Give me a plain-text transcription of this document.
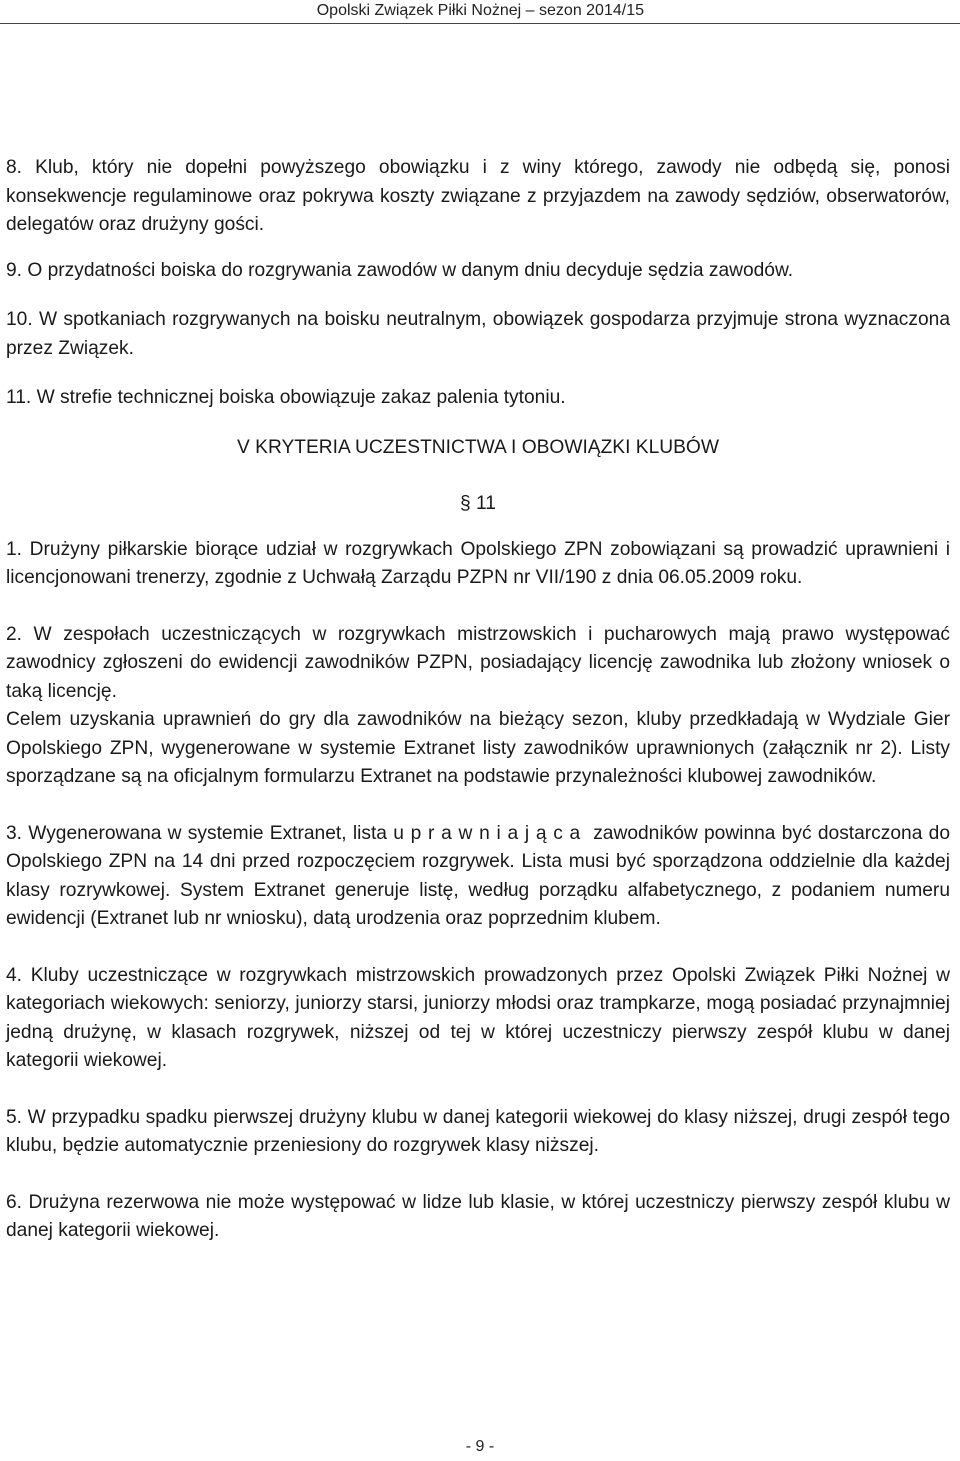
Opolski Związek Piłki Nożnej – sezon 2014/15

8. Klub, który nie dopełni powyższego obowiązku i z winy którego, zawody nie odbędą się, ponosi konsekwencje regulaminowe oraz pokrywa koszty związane z przyjazdem na zawody sędziów, obserwatorów, delegatów oraz drużyny gości.

9. O przydatności boiska do rozgrywania zawodów w danym dniu decyduje sędzia zawodów.

10. W spotkaniach rozgrywanych na boisku neutralnym, obowiązek gospodarza przyjmuje strona wyznaczona przez Związek.

11. W strefie technicznej boiska obowiązuje zakaz palenia tytoniu.

V KRYTERIA UCZESTNICTWA I OBOWIĄZKI KLUBÓW
§ 11

1. Drużyny piłkarskie biorące udział w rozgrywkach Opolskiego ZPN zobowiązani są prowadzić uprawnieni i licencjonowani trenerzy, zgodnie z Uchwałą Zarządu PZPN nr VII/190 z dnia 06.05.2009 roku.

2. W zespołach uczestniczących w rozgrywkach mistrzowskich i pucharowych mają prawo występować zawodnicy zgłoszeni do ewidencji zawodników PZPN, posiadający licencję zawodnika lub złożony wniosek o taką licencję.

Celem uzyskania uprawnień do gry dla zawodników na bieżący sezon, kluby przedkładają w Wydziale Gier Opolskiego ZPN, wygenerowane w systemie Extranet listy zawodników uprawnionych (załącznik nr 2). Listy sporządzane są na oficjalnym formularzu Extranet na podstawie przynależności klubowej zawodników.

3. Wygenerowana w systemie Extranet, lista uprawniająca zawodników powinna być dostarczona do Opolskiego ZPN na 14 dni przed rozpoczęciem rozgrywek. Lista musi być sporządzona oddzielnie dla każdej klasy rozrywkowej. System Extranet generuje listę, według porządku alfabetycznego, z podaniem numeru ewidencji (Extranet lub nr wniosku), datą urodzenia oraz poprzednim klubem.

4. Kluby uczestniczące w rozgrywkach mistrzowskich prowadzonych przez Opolski Związek Piłki Nożnej w kategoriach wiekowych: seniorzy, juniorzy starsi, juniorzy młodsi oraz trampkarze, mogą posiadać przynajmniej jedną drużynę, w klasach rozgrywek, niższej od tej w której uczestniczy pierwszy zespół klubu w danej kategorii wiekowej.

5. W przypadku spadku pierwszej drużyny klubu w danej kategorii wiekowej do klasy niższej, drugi zespół tego klubu, będzie automatycznie przeniesiony do rozgrywek klasy niższej.

6. Drużyna rezerwowa nie może występować w lidze lub klasie, w której uczestniczy pierwszy zespół klubu w danej kategorii wiekowej.

- 9 -
